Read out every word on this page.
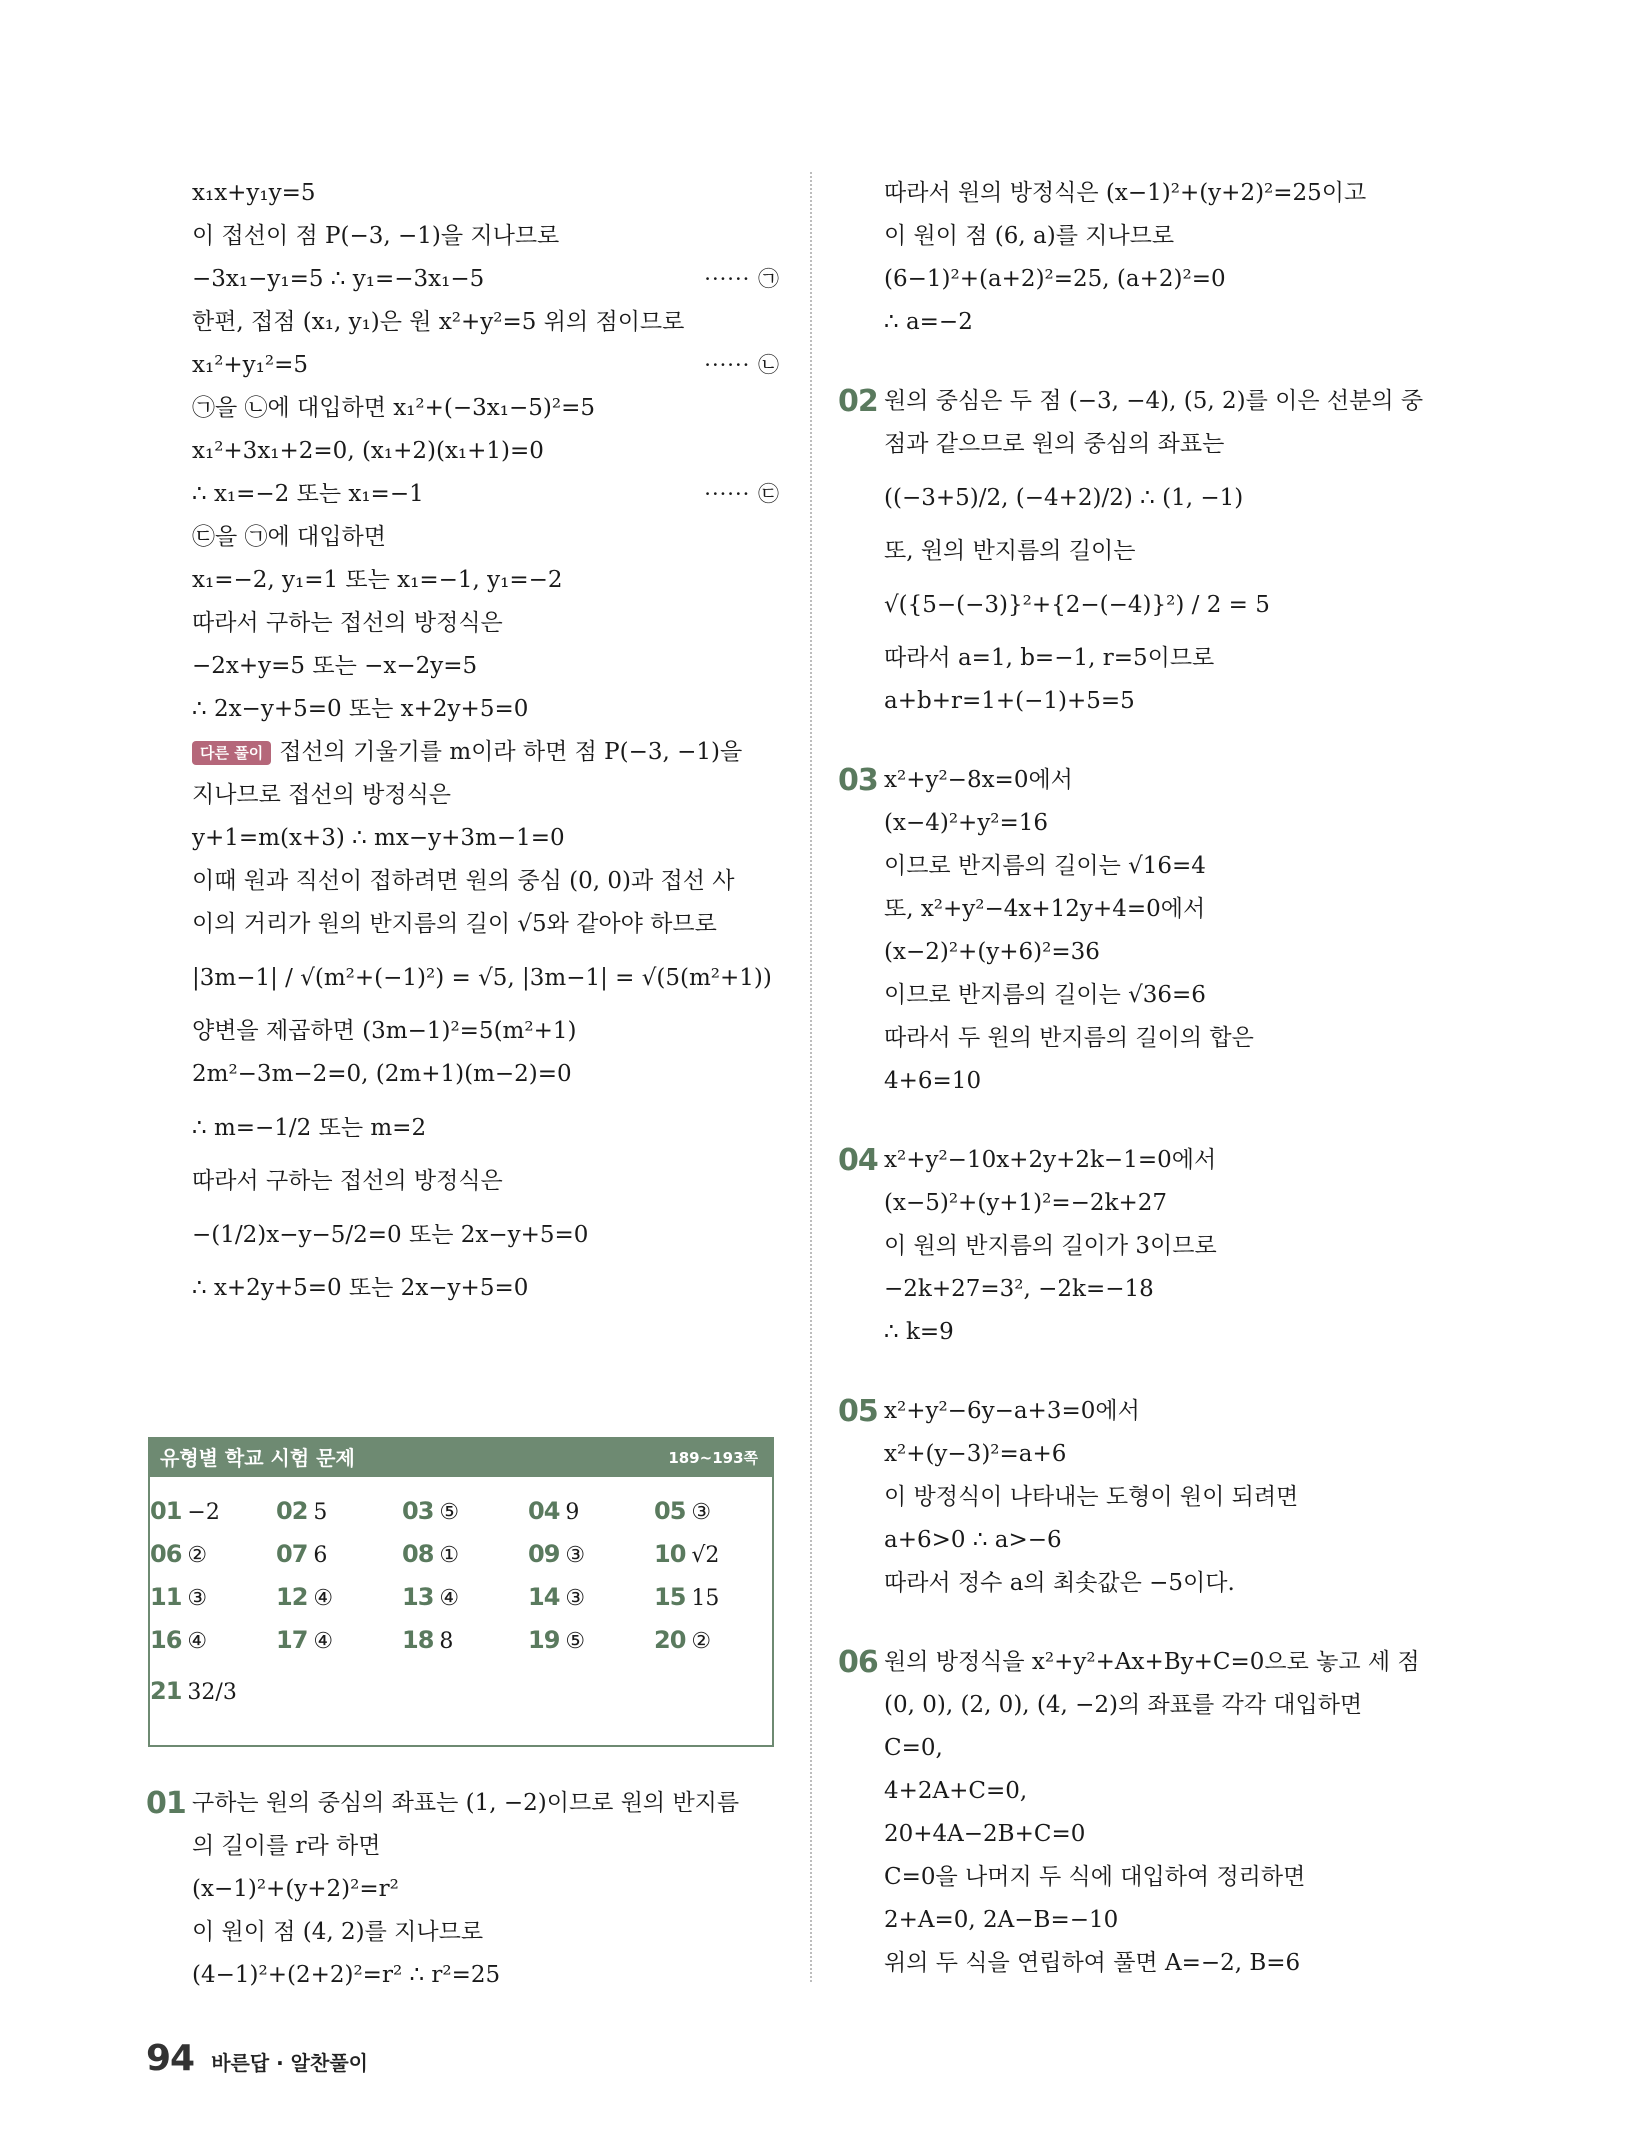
x₁x+y₁y=5
이 접선이 점 P(−3, −1)을 지나므로
−3x₁−y₁=5 ∴ y₁=−3x₁−5	······ ㉠
한편, 접점 (x₁, y₁)은 원 x²+y²=5 위의 점이므로
x₁²+y₁²=5	······ ㉡
㉠을 ㉡에 대입하면 x₁²+(−3x₁−5)²=5
x₁²+3x₁+2=0, (x₁+2)(x₁+1)=0
∴ x₁=−2 또는 x₁=−1	······ ㉢
㉢을 ㉠에 대입하면
x₁=−2, y₁=1 또는 x₁=−1, y₁=−2
따라서 구하는 접선의 방정식은
−2x+y=5 또는 −x−2y=5
∴ 2x−y+5=0 또는 x+2y+5=0
다른 풀이 접선의 기울기를 m이라 하면 점 P(−3, −1)을
지나므로 접선의 방정식은
y+1=m(x+3) ∴ mx−y+3m−1=0
이때 원과 직선이 접하려면 원의 중심 (0, 0)과 접선 사
이의 거리가 원의 반지름의 길이 √5와 같아야 하므로
|3m−1| / √(m²+(−1)²) = √5, |3m−1| = √(5(m²+1))
양변을 제곱하면 (3m−1)²=5(m²+1)
2m²−3m−2=0, (2m+1)(m−2)=0
∴ m=−1/2 또는 m=2
따라서 구하는 접선의 방정식은
−(1/2)x−y−5/2=0 또는 2x−y+5=0
∴ x+2y+5=0 또는 2x−y+5=0
유형별 학교 시험 문제	189~193쪽
01 −2 02 5	03 ⑤	04 9	05 ③
06 ②	07 6	08 ①	09 ③	10 √2
11 ③	12 ④	13 ④	14 ③	15 15
16 ④	17 ④	18 8	19 ⑤	20 ②
21 32/3
01 구하는 원의 중심의 좌표는 (1, −2)이므로 원의 반지름
의 길이를 r라 하면
(x−1)²+(y+2)²=r²
이 원이 점 (4, 2)를 지나므로
(4−1)²+(2+2)²=r² ∴ r²=25
따라서 원의 방정식은 (x−1)²+(y+2)²=25이고
이 원이 점 (6, a)를 지나므로
(6−1)²+(a+2)²=25, (a+2)²=0
∴ a=−2
02 원의 중심은 두 점 (−3, −4), (5, 2)를 이은 선분의 중
점과 같으므로 원의 중심의 좌표는
((−3+5)/2, (−4+2)/2) ∴ (1, −1)
또, 원의 반지름의 길이는
√({5−(−3)}²+{2−(−4)}²) / 2 = 5
따라서 a=1, b=−1, r=5이므로
a+b+r=1+(−1)+5=5
03 x²+y²−8x=0에서
(x−4)²+y²=16
이므로 반지름의 길이는 √16=4
또, x²+y²−4x+12y+4=0에서
(x−2)²+(y+6)²=36
이므로 반지름의 길이는 √36=6
따라서 두 원의 반지름의 길이의 합은
4+6=10
04 x²+y²−10x+2y+2k−1=0에서
(x−5)²+(y+1)²=−2k+27
이 원의 반지름의 길이가 3이므로
−2k+27=3², −2k=−18
∴ k=9
05 x²+y²−6y−a+3=0에서
x²+(y−3)²=a+6
이 방정식이 나타내는 도형이 원이 되려면
a+6>0 ∴ a>−6
따라서 정수 a의 최솟값은 −5이다.
06 원의 방정식을 x²+y²+Ax+By+C=0으로 놓고 세 점
(0, 0), (2, 0), (4, −2)의 좌표를 각각 대입하면
C=0,
4+2A+C=0,
20+4A−2B+C=0
C=0을 나머지 두 식에 대입하여 정리하면
2+A=0, 2A−B=−10
위의 두 식을 연립하여 풀면 A=−2, B=6
94 바른답 · 알찬풀이
